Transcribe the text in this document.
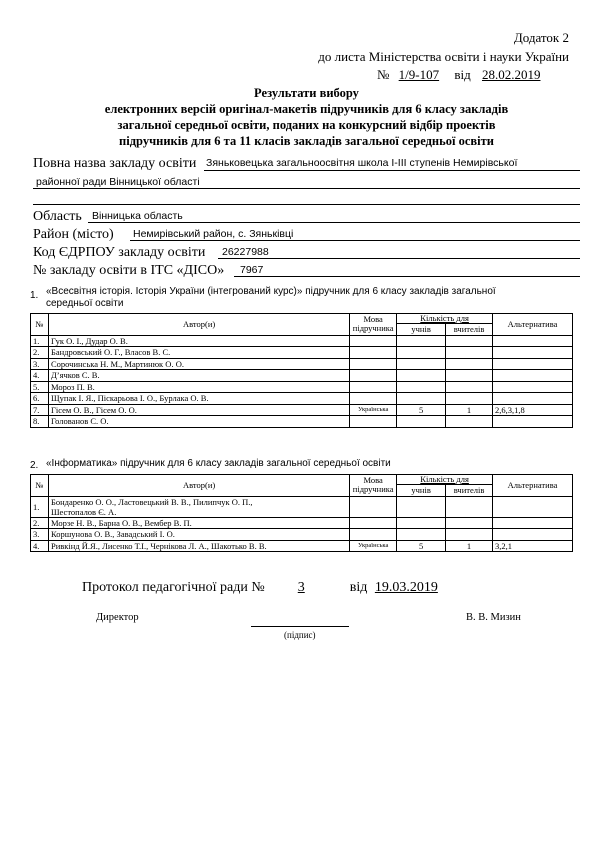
Додаток 2
до листа Міністерства освіти і науки України
№ 1/9-107 від 28.02.2019
Результати вибору
електронних версій оригінал-макетів підручників для 6 класу закладів
загальної середньої освіти, поданих на конкурсний відбір проектів
підручників для 6 та 11 класів закладів загальної середньої освіти
Повна назва закладу освіти Зяньковецька загальноосвітня школа І-ІІІ ступенів Немирівської
районної ради Вінницької області
Область Вінницька область
Район (місто) Немирівський район, с. Зяньківці
Код ЄДРПОУ закладу освіти 26227988
№ закладу освіти в ІТС «ДІСО» 7967
1. «Всесвітня історія. Історія України (інтегрований курс)» підручник для 6 класу закладів загальної
середньої освіти
№	Автор(и)	Мова
підручника	Кількість для		Альтернатива
			учнів	вчителів	
1.	Гук О. І., Дудар О. В.				
2.	Бандровський О. Г., Власов В. С.				
3.	Сорочинська Н. М., Мартинюк О. О.				
4.	Д’ячков С. В.				
5.	Мороз П. В.				
6.	Щупак І. Я., Піскарьова І. О., Бурлака О. В.				
7.	Гісем О. В., Гісем О. О.	Українська	5	1	2,6,3,1,8
8.	Голованов С. О.				
2. «Інформатика» підручник для 6 класу закладів загальної середньої освіти
№	Автор(и)	Мова
підручника	Кількість для		Альтернатива
			учнів	вчителів	
1.	Бондаренко О. О., Ластовецький В. В., Пилипчук О. П.,
Шестопалов Є. А.				
2.	Морзе Н. В., Барна О. В., Вембер В. П.				
3.	Коршунова О. В., Завадський І. О.				
4.	Ривкінд Й.Я., Лисенко Т.І., Чернікова Л. А., Шакотько В. В.	Українська	5	1	3,2,1
Протокол педагогічної ради № 3	від 19.03.2019
Директор
(підпис)
В. В. Мизин
